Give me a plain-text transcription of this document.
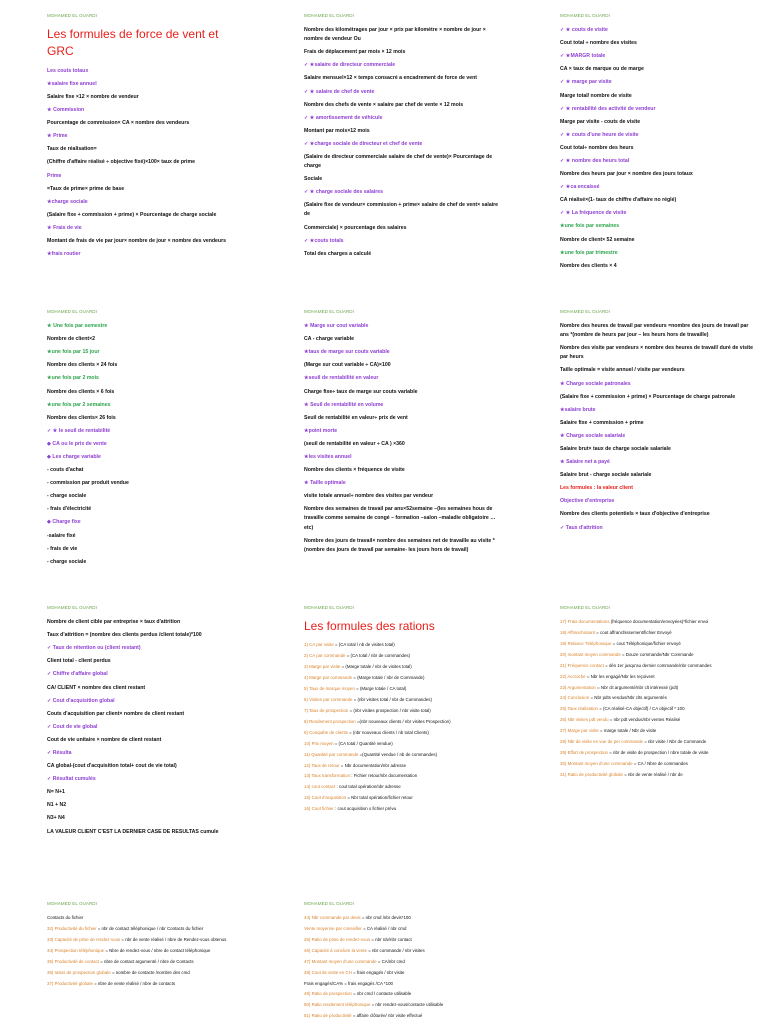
MOHAMED EL OUARDI
Les formules de force de vent et GRC
Les couts totaux
★salaire fixe annuel
Salaire fixe ×12 × nombre de vendeur
★ Commission
Pourcentage de commission× CA × nombre des vendeurs
★ Prime
Taux de réalisation=
(Chiffre d'affaire réalisé ÷ objective fixé)×100× taux de prime
Prime
=Taux de prime× prime de base
★charge sociale
(Salaire fixe + commission + prime) × Pourcentage de charge sociale
★ Frais de vie
Montant de frais de vie par jour× nombre de jour × nombre des vendeurs
★frais routier
MOHAMED EL OUARDI
Nombre des kilométrages par jour × prix par kilomètre × nombre de jour × nombre de vendeur Ou
Frais de déplacement par mois × 12 mois
✓ ★salaire de directeur commerciale
Salaire mensuel×12 × temps consacré a encadrement de force de vent
✓ ★ salaire de chef de vente
Nombre des chefs de vente × salaire par chef de vente × 12 mois
✓ ★ amortissement de véhicule
Montant par mois×12 mois
✓ ★charge sociale de directeur et chef de vente
(Salaire de directeur commerciale salaire de chef de vente)× Pourcentage de charge
Sociale
✓ ★ charge sociale des salaires
(Salaire fixe de vendeur× commission + prime× salaire de chef de vent× salaire de
Commerciale) × pourcentage des salaires
✓ ★couts totals
Total des charges a calculé
MOHAMED EL OUARDI
✓ ★ couts de visite
Cout total ÷ nombre des visites
✓ ★MARGR totale
CA × taux de marque ou de marge
✓ ★ marge par visite
Marge total/ nombre de visite
✓ ★ rentabilité des activité de vendeur
Marge par visite - couts de visite
✓ ★ couts d'une heure de visite
Cout total÷ nombre des heurs
✓ ★ nombre des heurs total
Nombre des heurs par jour × nombre des jours totaux
✓ ★ca encaissé
CA réalisé×(1- taux de chiffre d'affaire no réglé)
✓ ★ La fréquence de visite
★une fois par semaines
Nombre de client× 52 semaine
★une fois par trimestre
Nombre des clients × 4
MOHAMED EL OUARDI
★ Une fois par semestre
Nombre de client×2
★une fois par 15 jour
Nombre des clients × 24 fois
★une fois par 2 mois
Nombre des clients × 6 fois
★une fois par 2 semaines
Nombre des clients× 26 fois
✓ ★ le seuil de rentabilité
◆ CA ou le prix de vente
◆ Les charge variable
- couts d'achat
- commission par produit vendue
- charge sociale
- frais d'électricité
◆ Charge fixe
-salaire fixé
- frais de vie
- charge sociale
MOHAMED EL OUARDI
★ Marge sur cout variable
CA - charge variable
★taux de marge sur couts variable
(Marge sur cout variable ÷ CA)×100
★seuil de rentabilité en valeur
Charge fixe÷ taux de marge sur couts variable
★ Seuil de rentabilité en volume
Seuil de rentabilité en valeur÷ prix de vent
★point morte
(seuil de rentabilité en valeur ÷ CA ) ×360
★les visites annuel
Nombre des clients × fréquence de visite
★ Taille optimale
visite totale annuel÷ nombre des visites par vendeur
Nombre des semaines de travail par ans×52semaine –(les semaines hous de travaille comme semaine de congé – formation –salon –maladie obligatoire …etc)
Nombre des jours de travail× nombre des semaines net de travaille au visite *(nombre des jours de travail par semaine- les jours hors de travail)
MOHAMED EL OUARDI
Nombre des heures de travail par vendeurs =nombre des jours de travail par ans *(nombre de heurs par jour – les heurs hors de travaille)
Nombre des visite par vendeurs × nombre des heures de travail/ duré de visite par heurs
Taille optimale = visite annuel / visite par vendeurs
★ Charge sociale patronales
(Salaire fixe + commission + prime) × Pourcentage de charge patronale
★salaire brute
Salaire fixe + commission + prime
★ Charge sociale salariale
Salaire brut× taux de charge sociale salariale
★ Salaire net a payé
Salaire brut - charge sociale salariale
Les formules : la valeur client
Objective d'entreprise
Nombre des clients potentiels × taux d'objective d'entreprise
✓ Taux d'attrition
MOHAMED EL OUARDI
Nombre de client cible par entreprise × taux d'attrition
Taux d'attrition = (nombre des clients perdus /client totale)*100
✓ Taux de rétention ou (client restant)
Client total - client perdus
✓ Chiffre d'affaire global
CA/ CLIENT × nombre des client restant
✓ Cout d'acquisition global
Couts d'acquisition par client× nombre de client restant
✓ Cout de vie global
Cout de vie unitaire × nombre de client restant
✓ Résulta
CA global-(cout d'acquisition total+ cout de vie total)
✓ Résultat cumulés
N= N+1
N1 + N2
N3+ N4
LA VALEUR CLIENT C'EST LA DERNIER CASE DE RESULTAS cumule
MOHAMED EL OUARDI
Les formules des rations
1) CA par visite = (CA total / nb de visites total)
2) CA par commande = (CA total / nbr de commandes)
3) Marge par visite = (Marge totale / nbr de visites total)
4) Marge par commande = (Marge totale / nbr de Commande)
5) Taux de marque moyen = (Marge totale / CA total)
6) Visites par commande = (nbr visites total / nbr de Commandes)
7) Taux de prospection = (nbr visites prospection / nbr visite total)
8) Rendement prospection =(nbr nouveaux clients / nbr visites Prospection)
9) Conquête de clients = (nbr nouveaux clients / nb total Clients)
10) Prix moyen = (CA total / Quantité vendue)
11) Quantité par commande =(Quantité vendue / nb de commandes)
12) Taux de retour = Nbr documentation/nbr adresse
13) Taux transformation : Fichier retour/nbr documentation
14) cout contact : cout total opération/nbr adresse
15) Cout d'acquisition = Nbr total opération/fichier retour
16) Cout fichier : cout acquisition x fichier prévu
MOHAMED EL OUARDI
17) Frais documentations (fréquence documentation/envoyées)*fichier envoi
18) Affranchissant = cout affranchissement/fichier Envoyé
19) Relance Téléphonique = cout Téléphonique/fichier envoyé
20) montant moyen commande = Douze commande/Nbr Commande
21) Fréquence contact = dès 1er jusqu'au dernier commande/nbr commandes
22) Accroche = Nbr les engagé/Nbr les reçoivent
23) Argumentation = Nbr clt argumenté/nbr clt intéressé (pdt)
24) Conclusion = Nbr pdts vendus/Nbr clts argumentés
25) Taux réalisation = (CA réalisé-CA objectif) / CA objectif * 100
26) Nbr visites pdt vendu = nbr pdt vendus/nbr ventes Réalisé
27) Marge par visite = marge totale / Nbr de visite
28) Nbr de visite en vue de per commande = nbr visite / Nbr de Commande
29) Effort de prospection = nbr de visite de prospection / nbre totale de visite
30) Montant moyen d'une commande = CA / Nbre de commandes
31) Ratio de productivité globale = nbr de vente réalisé / nbr de
MOHAMED EL OUARDI
Contacts du fichier
32) Productivité du fichier = nbr de contact téléphonique / nbr Contacts du fichier
33) Capacité de prise de rendez-vous = nbr de vente réalisé / nbre de Rendez-vous obtenus
34) Prospection téléphonique = Nbre de rendez-vous / nbre de contact téléphonique
35) Productivité de contact = nbre de contact argumenté / nbre de Contacts
36) ratios de prospection globale = nombre de contacte /nombre des cmd
37) Productivité globale = nbre de vente réalisé / nbre de contacts
MOHAMED EL OUARDI
44) Nbr commande par devis = nbr cmd /nbr devis*100
Vente moyenne par conseiller = CA réalisé / nbr cmd
45) Ratio de prise de rendez-vous = nbr rdv/nbr contact
46) Capacité à conclure la vente = nbr commande / nbr visites
47) Montant moyen d'une commande = CA/nbr cmd
48) Cout de visite en CH = frais engagés / nbr visite
Frais engagés/CA% = frais engagés /CA *100
49) Ratio de prospection = nbr cmd / contacte utilisable
50) Ratio rendement téléphonique = nbr rendez-vous/contacte utilisable
51) Ratio de productivité = affaire clôturée/ nbr visite effectué
